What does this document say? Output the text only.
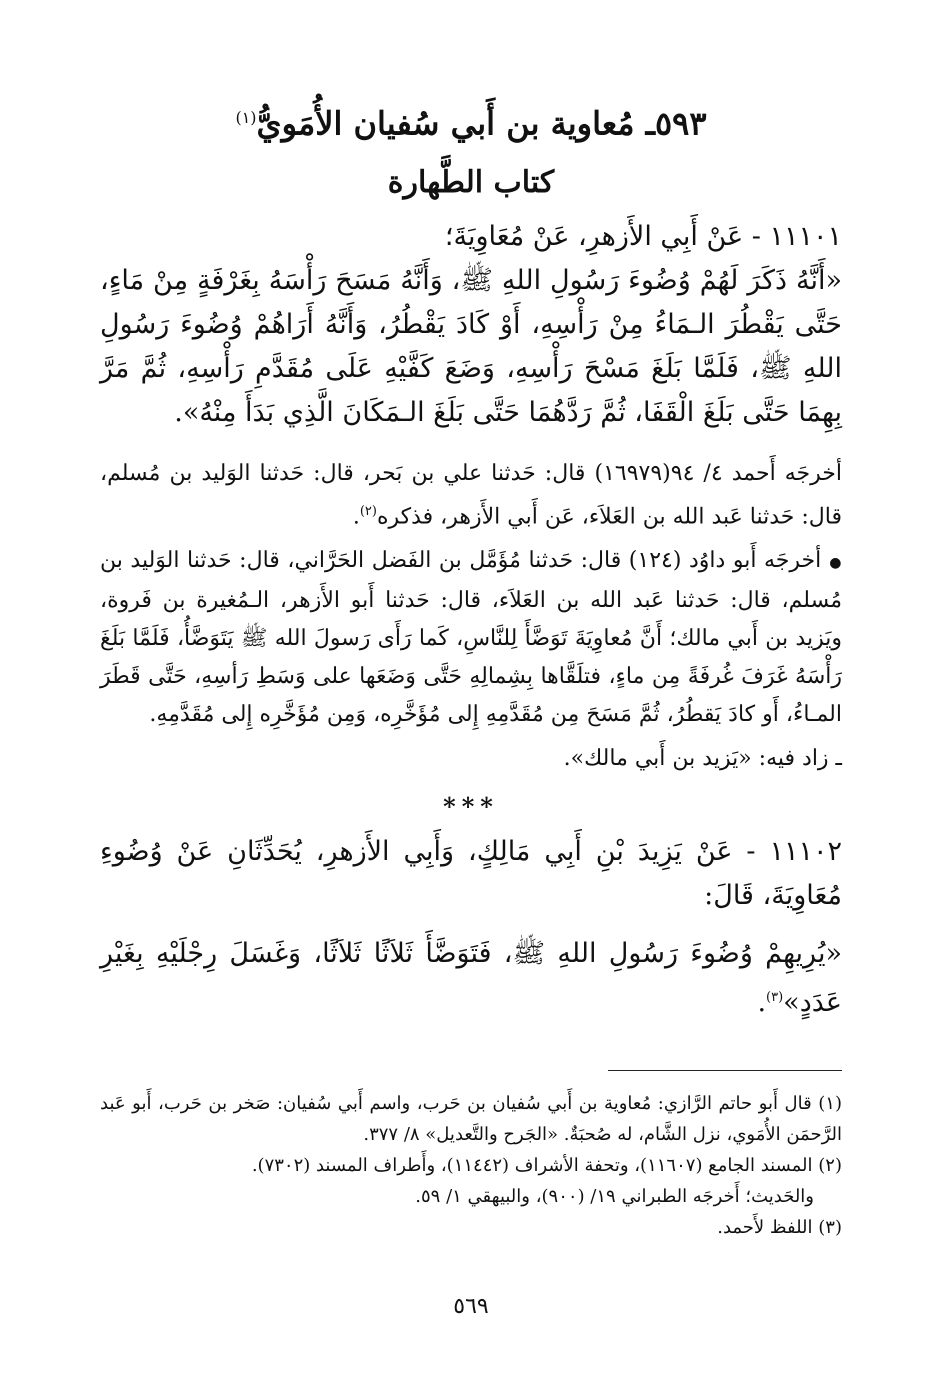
٥٩٣ـ مُعاوية بن أَبي سُفيان الأُمَويُّ$^{(١)}$
كتاب الطَّهارة

١١١٠١ - عَنْ أَبِي الأَزهرِ، عَنْ مُعَاوِيَةَ؛

«أَنَّهُ ذَكَرَ لَهُمْ وُضُوءَ رَسُولِ اللهِ ﷺ، وَأَنَّهُ مَسَحَ رَأْسَهُ بِغَرْفَةٍ مِنْ مَاءٍ، حَتَّى يَقْطُرَ الـمَاءُ مِنْ رَأْسِهِ، أَوْ كَادَ يَقْطُرُ، وَأَنَّهُ أَرَاهُمْ وُضُوءَ رَسُولِ اللهِ ﷺ، فَلَمَّا بَلَغَ مَسْحَ رَأْسِهِ، وَضَعَ كَفَّيْهِ عَلَى مُقَدَّمِ رَأْسِهِ، ثُمَّ مَرَّ بِهِمَا حَتَّى بَلَغَ الْقَفَا، ثُمَّ رَدَّهُمَا حَتَّى بَلَغَ الـمَكَانَ الَّذِي بَدَأَ مِنْهُ».

أخرجَه أَحمد ٤/ ٩٤(١٦٩٧٩) قال: حَدثنا علي بن بَحر، قال: حَدثنا الوَليد بن مُسلم، قال: حَدثنا عَبد الله بن العَلاَء، عَن أَبي الأَزهر، فذكره$^{(٢)}$.

●أخرجَه أَبو داوُد (١٢٤) قال: حَدثنا مُؤَمَّل بن الفَضل الحَرَّاني، قال: حَدثنا الوَليد بن مُسلم، قال: حَدثنا عَبد الله بن العَلاَء، قال: حَدثنا أَبو الأَزهر، الـمُغيرة بن فَروة، ويَزيد بن أَبي مالك؛ أَنَّ مُعاوِيَةَ تَوَضَّأَ لِلنَّاسِ، كَما رَأَى رَسولَ الله ﷺ يَتَوَضَّأُ، فَلَمَّا بَلَغَ رَأْسَهُ غَرَفَ غُرفَةً مِن ماءٍ، فتلَقَّاها بِشِمالِهِ حَتَّى وَضَعَها على وَسَطِ رَأسِهِ، حَتَّى قَطَرَ المـاءُ، أَو كادَ يَقطُرُ، ثُمَّ مَسَحَ مِن مُقَدَّمِهِ إِلى مُؤَخَّرِه، وَمِن مُؤَخَّرِه إِلى مُقَدَّمِهِ.

ـ زاد فيه: «يَزيد بن أَبي مالك».

***

١١١٠٢ - عَنْ يَزِيدَ بْنِ أَبِي مَالِكٍ، وَأَبِي الأَزهرِ، يُحَدِّثَانِ عَنْ وُضُوءِ مُعَاوِيَةَ، قَالَ:

«يُرِيهِمْ وُضُوءَ رَسُولِ اللهِ ﷺ، فَتَوَضَّأَ ثَلاَثًا ثَلاَثًا، وَغَسَلَ رِجْلَيْهِ بِغَيْرِ عَدَدٍ»$^{(٣)}$.

(١) قال أَبو حاتم الرَّازي: مُعاوية بن أَبي سُفيان بن حَرب، واسم أَبي سُفيان: صَخر بن حَرب، أَبو عَبد الرَّحمَن الأُمَوي، نزل الشَّام، له صُحبَةٌ. «الجَرح والتَّعديل» ٨/ ٣٧٧.

(٢) المسند الجامع (١١٦٠٧)، وتحفة الأشراف (١١٤٤٢)، وأَطراف المسند (٧٣٠٢).

والحَديث؛ أَخرجَه الطبراني ١٩/ (٩٠٠)، والبيهقي ١/ ٥٩.

(٣) اللفظ لأَحمد.

٥٦٩
